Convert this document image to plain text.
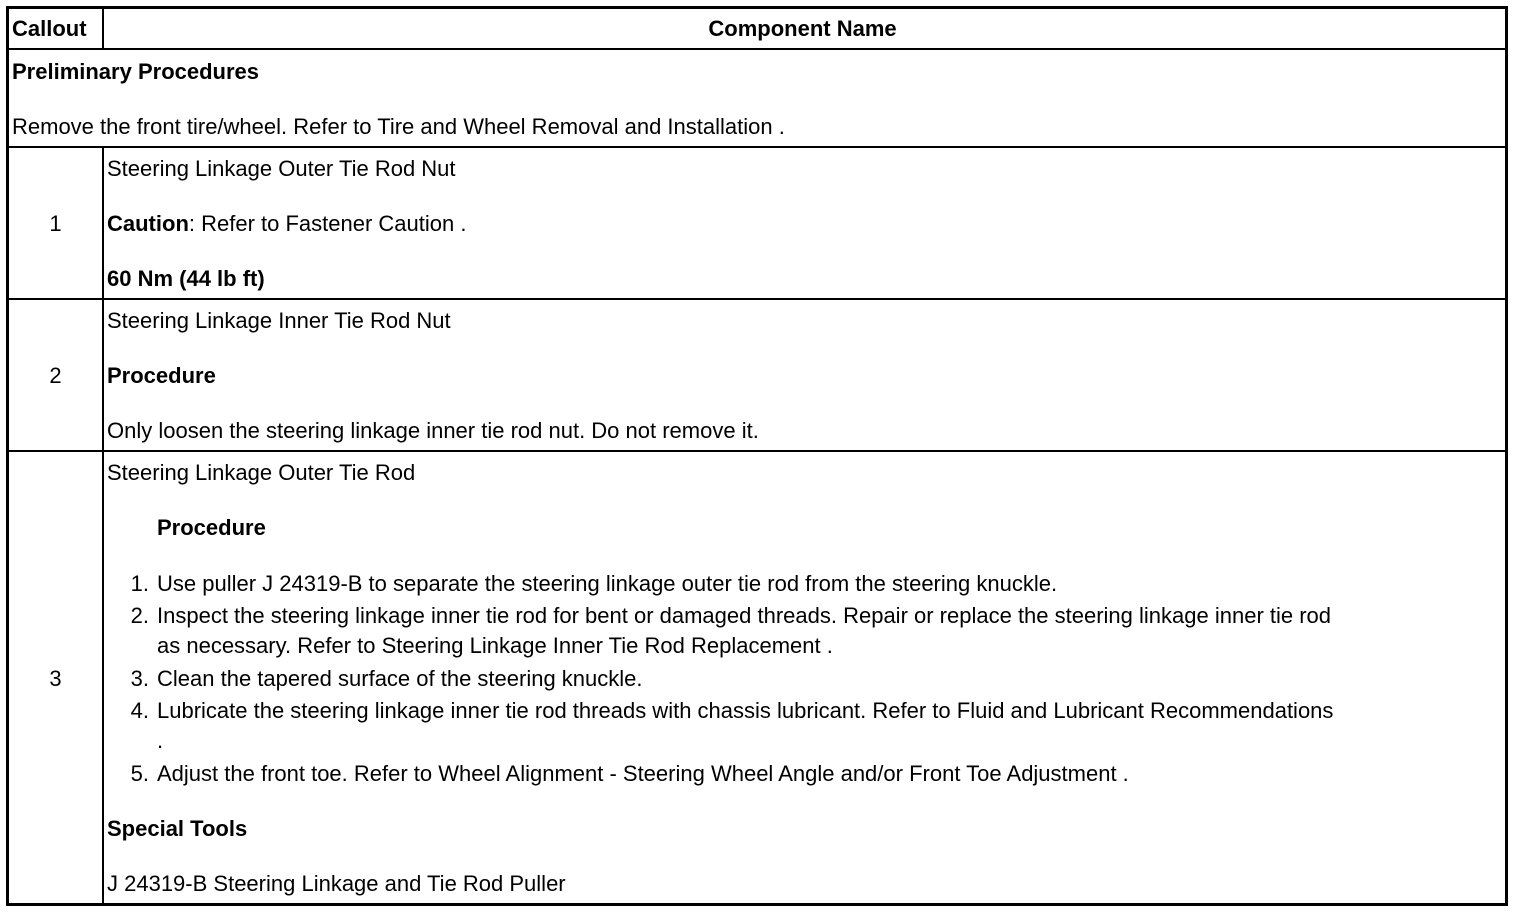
Callout	Component Name
Preliminary Procedures
Remove the front tire/wheel. Refer to Tire and Wheel Removal and Installation .
1
Steering Linkage Outer Tie Rod Nut
Caution: Refer to Fastener Caution .
60 Nm (44 lb ft)
2
Steering Linkage Inner Tie Rod Nut
Procedure
Only loosen the steering linkage inner tie rod nut. Do not remove it.
3
Steering Linkage Outer Tie Rod
Procedure
1. Use puller J 24319-B to separate the steering linkage outer tie rod from the steering knuckle.
2. Inspect the steering linkage inner tie rod for bent or damaged threads. Repair or replace the steering linkage inner tie rod
as necessary. Refer to Steering Linkage Inner Tie Rod Replacement .
3. Clean the tapered surface of the steering knuckle.
4. Lubricate the steering linkage inner tie rod threads with chassis lubricant. Refer to Fluid and Lubricant Recommendations
.
5. Adjust the front toe. Refer to Wheel Alignment - Steering Wheel Angle and/or Front Toe Adjustment .
Special Tools
J 24319-B Steering Linkage and Tie Rod Puller
